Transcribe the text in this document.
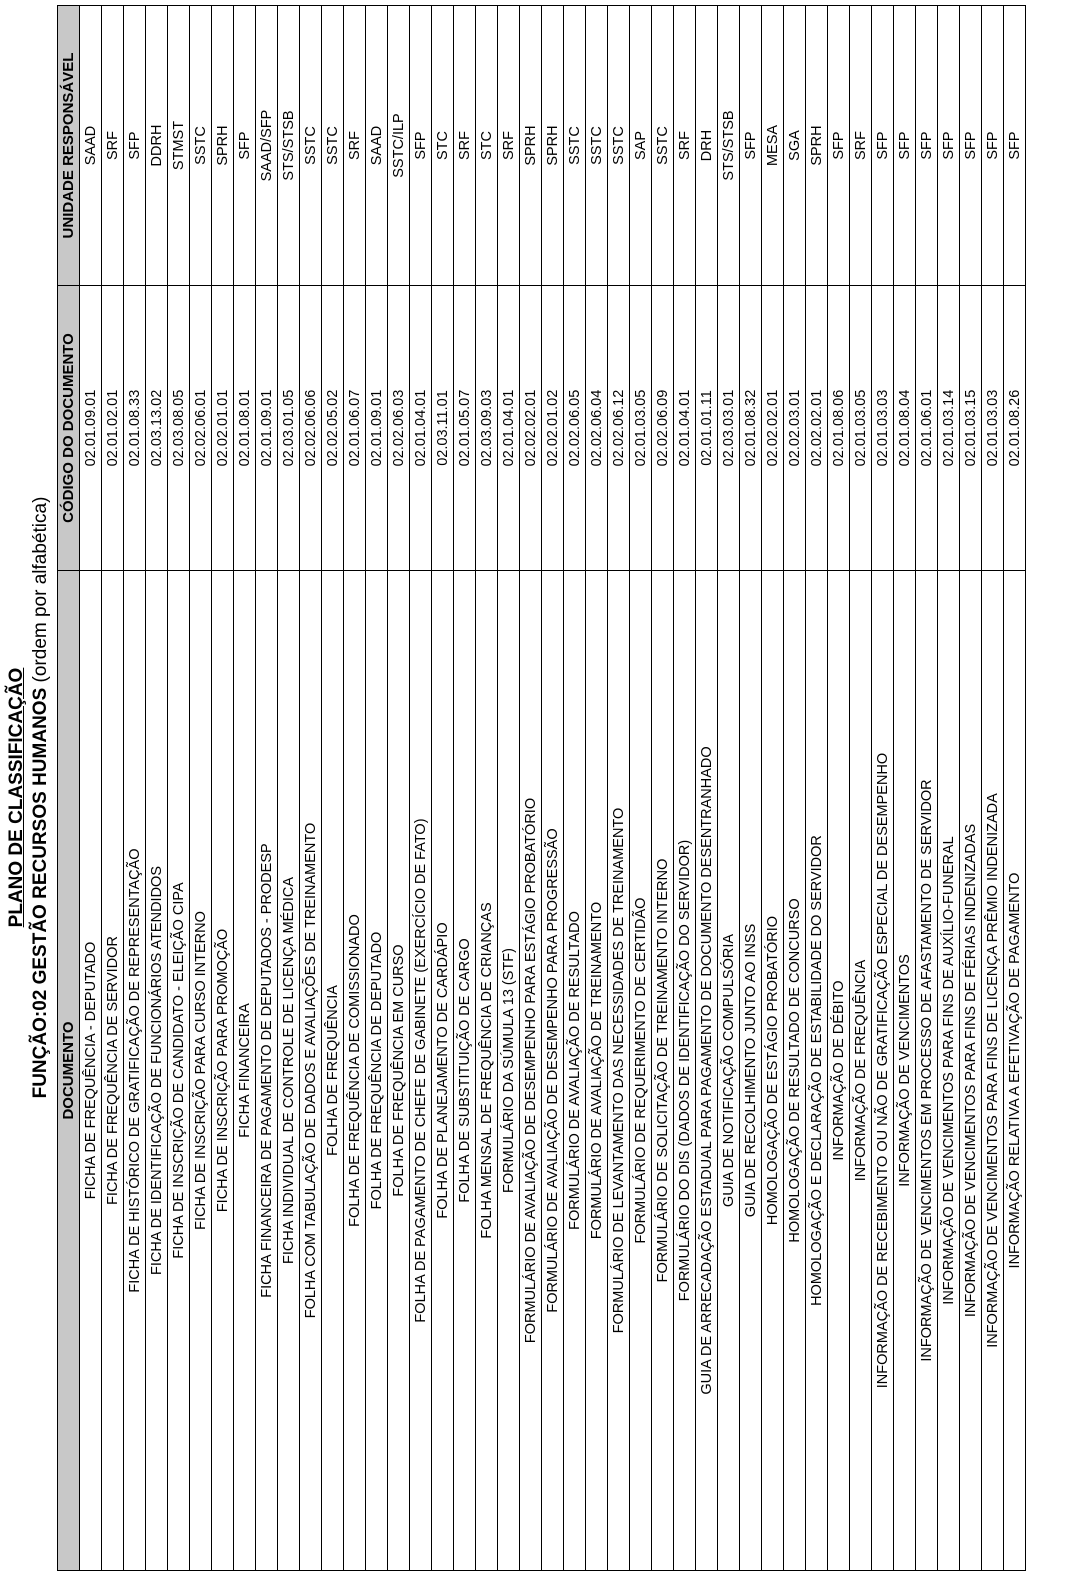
PLANO DE CLASSIFICAÇÃO FUNÇÃO:02 GESTÃO RECURSOS HUMANOS (ordem por alfabética)
DOCUMENTO	CÓDIGO DO DOCUMENTO	UNIDADE RESPONSÁVEL
FICHA DE FREQUÊNCIA - DEPUTADO	02.01.09.01	SAAD
FICHA DE FREQUÊNCIA DE SERVIDOR	02.01.02.01	SRF
FICHA DE HISTÓRICO DE GRATIFICAÇÃO DE REPRESENTAÇÃO	02.01.08.33	SFP
FICHA DE IDENTIFICAÇÃO DE FUNCIONÁRIOS ATENDIDOS	02.03.13.02	DDRH
FICHA DE INSCRIÇÃO DE CANDIDATO - ELEIÇÃO CIPA	02.03.08.05	STMST
FICHA DE INSCRIÇÃO PARA CURSO INTERNO	02.02.06.01	SSTC
FICHA DE INSCRIÇÃO PARA PROMOÇÃO	02.02.01.01	SPRH
FICHA FINANCEIRA	02.01.08.01	SFP
FICHA FINANCEIRA DE PAGAMENTO DE DEPUTADOS - PRODESP	02.01.09.01	SAAD/SFP
FICHA INDIVIDUAL DE CONTROLE DE LICENÇA MÉDICA	02.03.01.05	STS/STSB
FOLHA COM TABULAÇÃO DE DADOS E AVALIAÇÕES DE TREINAMENTO	02.02.06.06	SSTC
FOLHA DE FREQUÊNCIA	02.02.05.02	SSTC
FOLHA DE FREQUÊNCIA DE COMISSIONADO	02.01.06.07	SRF
FOLHA DE FREQUÊNCIA DE DEPUTADO	02.01.09.01	SAAD
FOLHA DE FREQUÊNCIA EM CURSO	02.02.06.03	SSTC/ILP
FOLHA DE PAGAMENTO DE CHEFE DE GABINETE (EXERCÍCIO DE FATO)	02.01.04.01	SFP
FOLHA DE PLANEJAMENTO DE CARDÁPIO	02.03.11.01	STC
FOLHA DE SUBSTITUIÇÃO DE CARGO	02.01.05.07	SRF
FOLHA MENSAL DE FREQUÊNCIA DE CRIANÇAS	02.03.09.03	STC
FORMULÁRIO DA SÚMULA 13 (STF)	02.01.04.01	SRF
FORMULÁRIO DE AVALIAÇÃO DE DESEMPENHO PARA ESTÁGIO PROBATÓRIO	02.02.02.01	SPRH
FORMULÁRIO DE AVALIAÇÃO DE DESEMPENHO PARA PROGRESSÃO	02.02.01.02	SPRH
FORMULÁRIO DE AVALIAÇÃO DE RESULTADO	02.02.06.05	SSTC
FORMULÁRIO DE AVALIAÇÃO DE TREINAMENTO	02.02.06.04	SSTC
FORMULÁRIO DE LEVANTAMENTO DAS NECESSIDADES DE TREINAMENTO	02.02.06.12	SSTC
FORMULÁRIO DE REQUERIMENTO DE CERTIDÃO	02.01.03.05	SAP
FORMULÁRIO DE SOLICITAÇÃO DE TREINAMENTO INTERNO	02.02.06.09	SSTC
FORMULÁRIO DO DIS (DADOS DE IDENTIFICAÇÃO DO SERVIDOR)	02.01.04.01	SRF
GUIA DE ARRECADAÇÃO ESTADUAL PARA PAGAMENTO DE DOCUMENTO DESENTRANHADO	02.01.01.11	DRH
GUIA DE NOTIFICAÇÃO COMPULSÓRIA	02.03.03.01	STS/STSB
GUIA DE RECOLHIMENTO JUNTO AO INSS	02.01.08.32	SFP
HOMOLOGAÇÃO DE ESTÁGIO PROBATÓRIO	02.02.02.01	MESA
HOMOLOGAÇÃO DE RESULTADO DE CONCURSO	02.02.03.01	SGA
HOMOLOGAÇÃO E DECLARAÇÃO DE ESTABILIDADE DO SERVIDOR	02.02.02.01	SPRH
INFORMAÇÃO DE DÉBITO	02.01.08.06	SFP
INFORMAÇÃO DE FREQUÊNCIA	02.01.03.05	SRF
INFORMAÇÃO DE RECEBIMENTO OU NÃO DE GRATIFICAÇÃO ESPECIAL DE DESEMPENHO	02.01.03.03	SFP
INFORMAÇÃO DE VENCIMENTOS	02.01.08.04	SFP
INFORMAÇÃO DE VENCIMENTOS EM PROCESSO DE AFASTAMENTO DE SERVIDOR	02.01.06.01	SFP
INFORMAÇÃO DE VENCIMENTOS PARA FINS DE AUXÍLIO-FUNERAL	02.01.03.14	SFP
INFORMAÇÃO DE VENCIMENTOS PARA FINS DE FÉRIAS INDENIZADAS	02.01.03.15	SFP
INFORMAÇÃO DE VENCIMENTOS PARA FINS DE LICENÇA PRÊMIO INDENIZADA	02.01.03.03	SFP
INFORMAÇÃO RELATIVA A EFETIVAÇÃO DE PAGAMENTO	02.01.08.26	SFP
